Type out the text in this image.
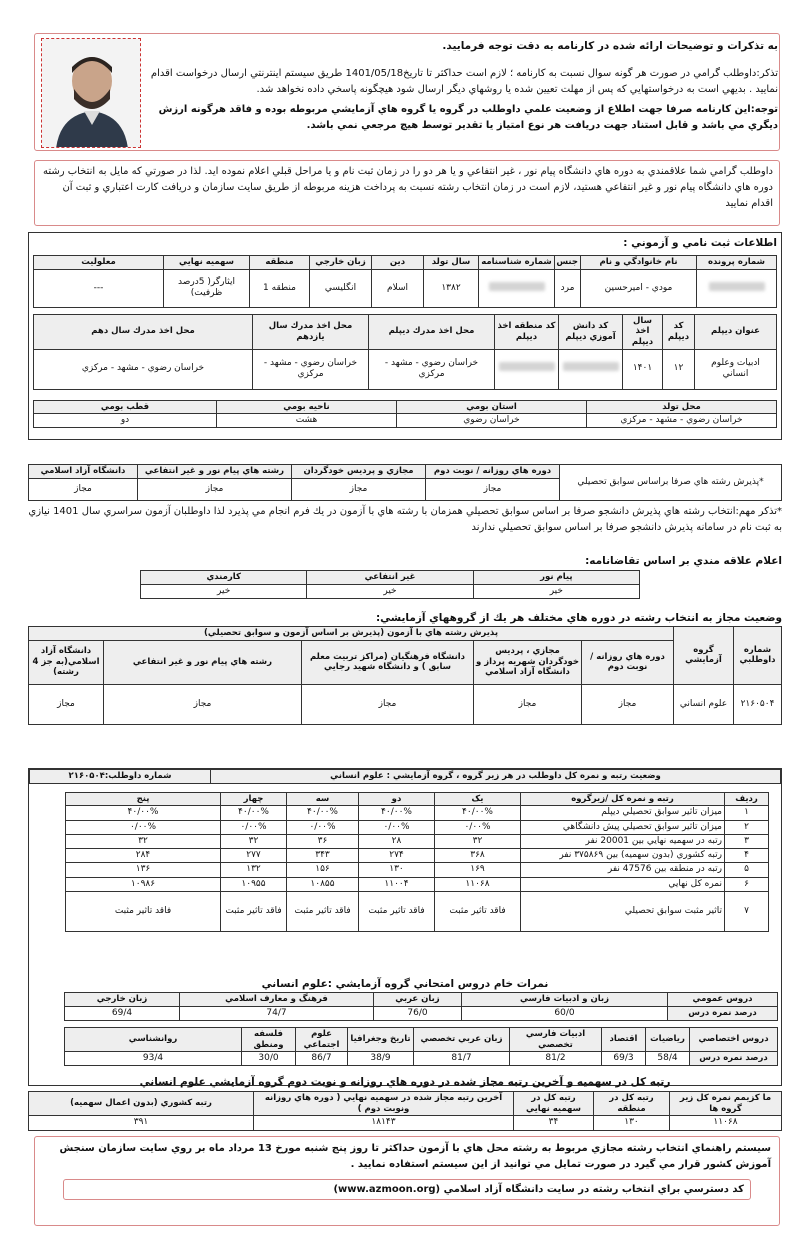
به تذكرات و توضيحات ارائه شده در كارنامه به دقت توجه فرماييد.

تذكر:داوطلب گرامي در صورت هر گونه سوال نسبت به كارنامه ؛ لازم است حداكثر تا تاريخ1401/05/18 طريق سيستم اينترنتي ارسال درخواست اقدام نماييد . بديهي است به درخواستهايي كه پس از مهلت تعيين شده يا روشهاي ديگر ارسال شود هيچگونه پاسخي داده نخواهد شد.

توجه:اين كارنامه صرفا جهت اطلاع از وضعيت علمي داوطلب در گروه يا گروه هاي آزمايشي مربوطه بوده و فاقد هرگونه ارزش ديگري مي باشد و قابل استناد جهت دريافت هر نوع امتياز يا تقدير توسط هيچ مرجعي نمي باشد.

داوطلب گرامي شما علاقمندي به دوره هاي دانشگاه پيام نور ، غير انتفاعي و يا هر دو را در زمان ثبت نام و يا مراحل قبلي اعلام نموده ايد. لذا در صورتي كه مايل به انتخاب رشته دوره هاي دانشگاه پيام نور و غير انتفاعي هستيد، لازم است در زمان انتخاب رشته نسبت به پرداخت هزينه مربوطه از طريق سايت سازمان و دريافت كارت اعتباري و ثبت آن اقدام نماييد

اطلاعات ثبت نامي و آزموني :
شماره پرونده	نام خانوادگي و نام	جنس	شماره شناسنامه	سال تولد	دين	زبان خارجي	منطقه	سهميه نهايي	معلوليت
	مودي - اميرحسين	مرد		۱۳۸۲	اسلام	انگليسي	منطقه 1	ايثارگر( 5درصد ظرفيت)	---
عنوان ديپلم	كد ديپلم	سال اخذ ديپلم	كد دانش آموزي ديپلم	كد منطقه اخذ ديپلم	محل اخذ مدرك ديپلم	محل اخذ مدرك سال يازدهم	محل اخذ مدرك سال دهم
ادبيات وعلوم انساني	۱۲	۱۴۰۱			خراسان رضوي - مشهد - مركزي	خراسان رضوي - مشهد - مركزي	خراسان رضوي - مشهد - مركزي
محل تولد	استان بومي	ناحيه بومي	قطب بومي
خراسان رضوي - مشهد - مركزي	خراسان رضوي	هشت	دو
*پذيرش رشته هاي صرفا براساس سوابق تحصيلي	دوره هاي روزانه / نوبت دوم	مجازي و پرديس خودگردان	رشته هاي پيام نور و غير انتفاعي	دانشگاه آزاد اسلامي
	مجاز	مجاز	مجاز	مجاز

*تذكر مهم:انتخاب رشته هاي پذيرش دانشجو صرفا بر اساس سوابق تحصيلي همزمان با رشته هاي با آزمون در يك فرم انجام مي پذيرد لذا داوطلبان آزمون سراسري سال 1401 نيازي به ثبت نام در سامانه پذيرش دانشجو صرفا بر اساس سوابق تحصيلي ندارند

اعلام علاقه مندي بر اساس تقاضانامه:
پيام نور	غير انتفاعي	كارمندي
خير	خير	خير
وضعيت مجاز به انتخاب رشته در دوره هاي مختلف هر يك از گروههاي آزمايشي:
شماره داوطلبي	گروه آزمايشي	پذيرش رشته هاي با آزمون (پذيرش بر اساس آزمون و سوابق تحصيلي)				
		دوره هاي روزانه / نوبت دوم	مجازي ، پرديس خودگردان شهريه پرداز و دانشگاه آزاد اسلامي	دانشگاه فرهنگيان (مراكز تربيت معلم سابق ) و دانشگاه شهيد رجايي	رشته هاي پيام نور و غير انتفاعي	دانشگاه آزاد اسلامي(به جز 4 رشته)
۲۱۶۰۵۰۴	علوم انساني	مجاز	مجاز	مجاز	مجاز	مجاز
وضعيت رتبه و نمره كل داوطلب در هر زير گروه ، گروه آزمايشي : علوم انساني	شماره داوطلب:۲۱۶۰۵۰۴
رديف	رتبه و نمره كل /زيرگروه	يک	دو	سه	چهار	پنج
۱	ميزان تاثير سوابق تحصيلي ديپلم	۴۰/۰۰%	۴۰/۰۰%	۴۰/۰۰%	۴۰/۰۰%	۴۰/۰۰%
۲	ميزان تاثير سوابق تحصيلي پيش دانشگاهي	۰/۰۰%	۰/۰۰%	۰/۰۰%	۰/۰۰%	۰/۰۰%
۳	رتبه در سهميه نهايي بين 20001 نفر	۳۲	۲۸	۳۶	۳۲	۳۲
۴	رتبه كشوري (بدون سهميه) بين ۳۷۵۸۶۹ نفر	۳۶۸	۲۷۴	۳۴۳	۲۷۷	۲۸۴
۵	رتبه در منطقه بين 47576 نفر	۱۶۹	۱۳۰	۱۵۶	۱۳۲	۱۳۶
۶	نمره كل نهايي	۱۱۰۶۸	۱۱۰۰۴	۱۰۸۵۵	۱۰۹۵۵	۱۰۹۸۶
۷	تاثير مثبت سوابق تحصيلي	فاقد تاثير مثبت	فاقد تاثير مثبت	فاقد تاثير مثبت	فاقد تاثير مثبت	فاقد تاثير مثبت
نمرات خام دروس امتحاني گروه آزمايشي :علوم انساني
دروس عمومي	زبان و ادبيات فارسي	زبان عربي	فرهنگ و معارف اسلامي	زبان خارجي
درصد نمره درس	60/0	76/0	74/7	69/4
دروس اختصاصي	رياضيات	اقتصاد	ادبيات فارسي تخصصي	زبان عربي تخصصي	تاريخ وجغرافيا	علوم اجتماعي	فلسفه ومنطق	روانشناسي
درصد نمره درس	58/4	69/3	81/2	81/7	38/9	86/7	30/0	93/4
رتبه كل در سهميه و آخرين رتبه مجاز شده در دوره هاي روزانه و نوبت دوم گروه آزمايشي علوم انساني
ما كزيمم نمره كل زير گروه ها	رتبه كل در منطقه	رتبه كل در سهميه نهايي	آخرين رتبه مجاز شده در سهميه نهايي ( دوره هاي روزانه ونوبت دوم )	رتبه كشوري (بدون اعمال سهميه)
۱۱۰۶۸	۱۳۰	۳۴	۱۸۱۴۳	۳۹۱

سيستم راهنماي انتخاب رشته مجازي مربوط به رشته محل هاي با آزمون حداكثر تا روز پنج شنبه مورخ 13 مرداد ماه بر روي سايت سازمان سنجش آموزش كشور قرار مي گيرد در صورت تمايل مي توانيد از اين سيستم استفاده نماييد .

كد دسترسي براي انتخاب رشته در سايت دانشگاه آزاد اسلامي (www.azmoon.org)
